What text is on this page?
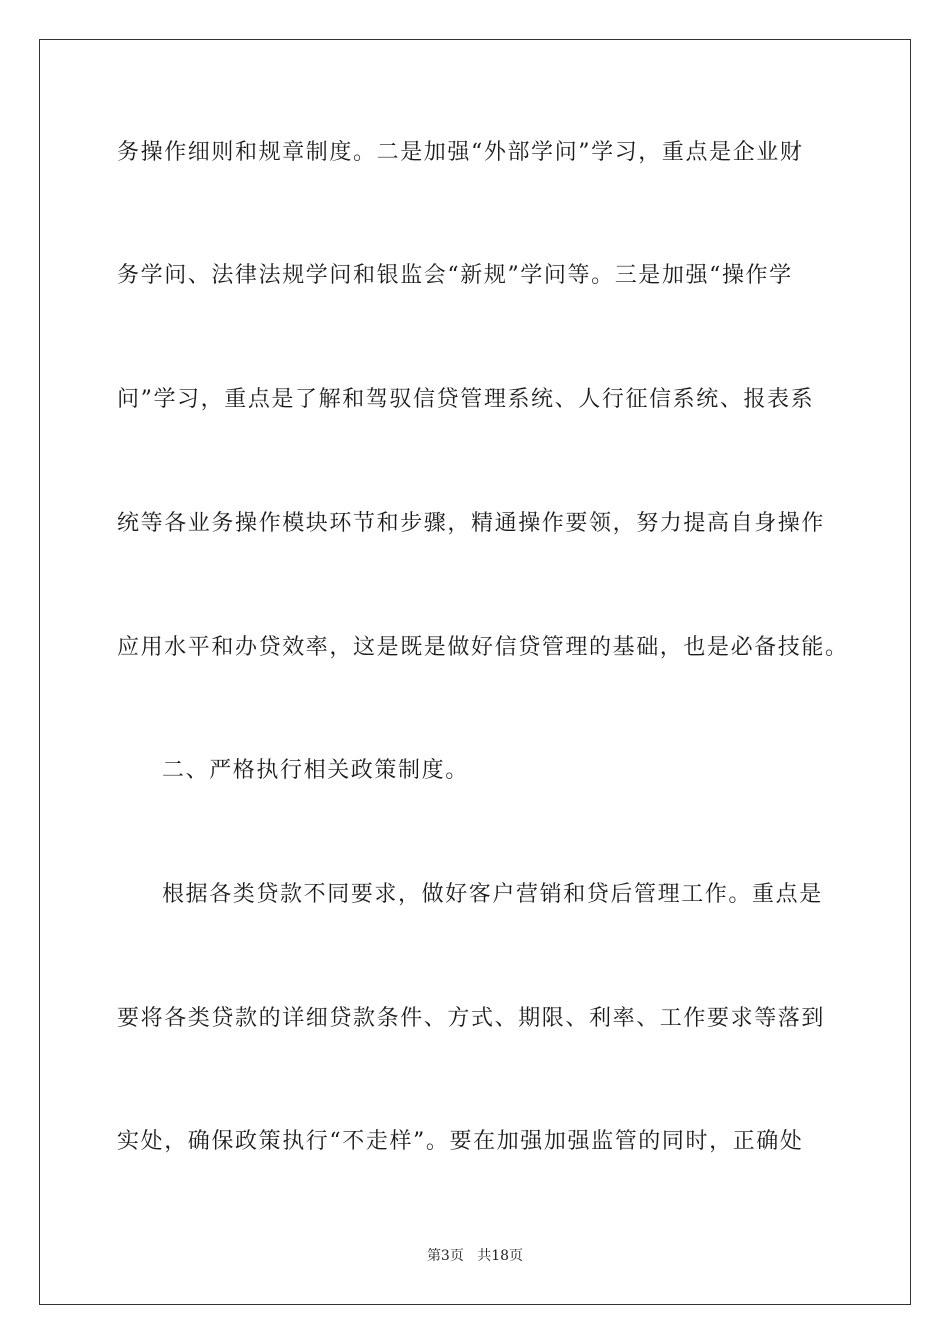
务操作细则和规章制度。二是加强“外部学问”学习，重点是企业财
务学问、法律法规学问和银监会“新规”学问等。三是加强“操作学
问”学习，重点是了解和驾驭信贷管理系统、人行征信系统、报表系
统等各业务操作模块环节和步骤，精通操作要领，努力提高自身操作
应用水平和办贷效率，这是既是做好信贷管理的基础，也是必备技能。
二、严格执行相关政策制度。
根据各类贷款不同要求，做好客户营销和贷后管理工作。重点是
要将各类贷款的详细贷款条件、方式、期限、利率、工作要求等落到
实处，确保政策执行“不走样”。要在加强加强监管的同时，正确处
第3页 共18页
